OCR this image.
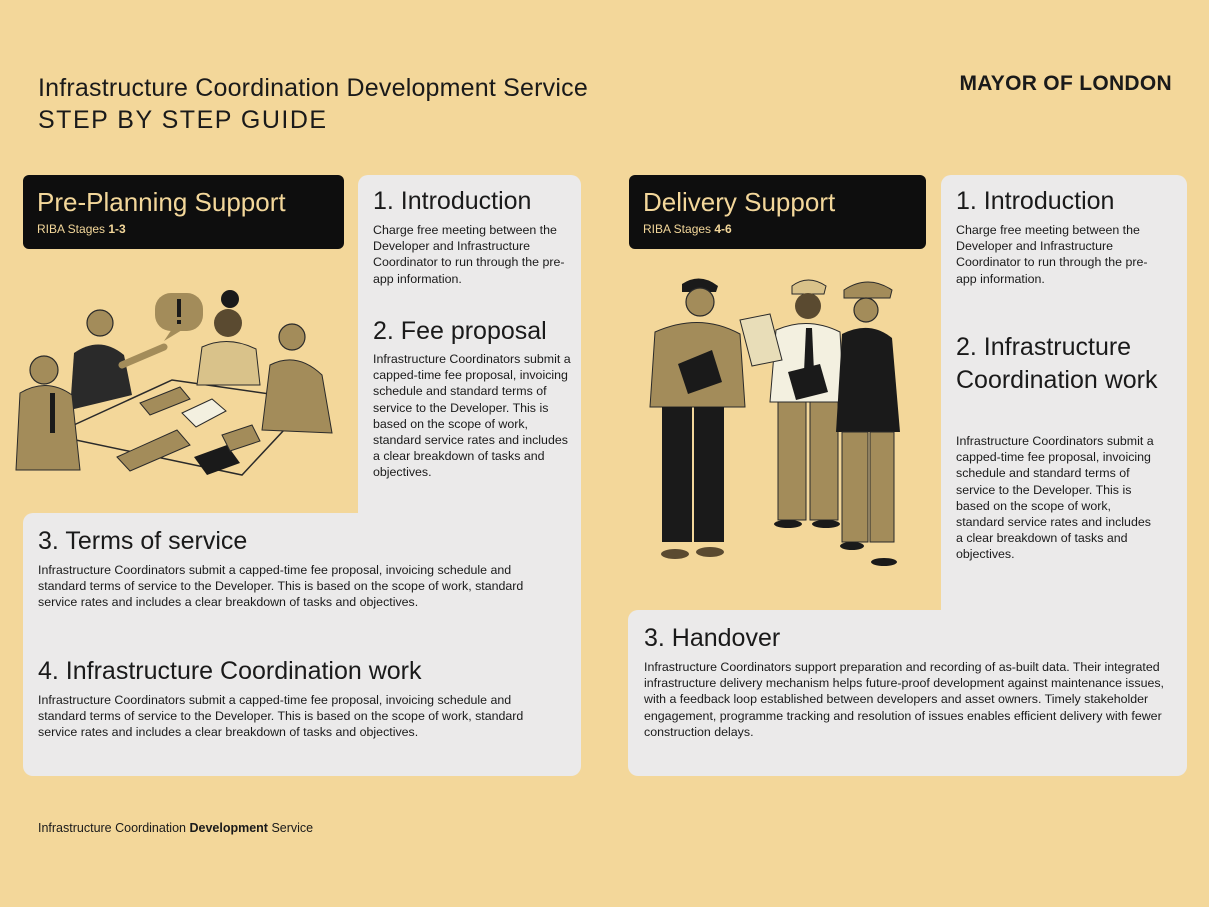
Infrastructure Coordination Development Service
STEP BY STEP GUIDE
MAYOR OF LONDON
Pre-Planning Support
RIBA Stages 1-3
1. Introduction
Charge free meeting between the Developer and Infrastructure Coordinator to run through the pre-app information.
2. Fee proposal
Infrastructure Coordinators submit a capped-time fee proposal, invoicing schedule and standard terms of service to the Developer. This is based on the scope of work, standard service rates and includes a clear breakdown of tasks and objectives.
3. Terms of service
Infrastructure Coordinators submit a capped-time fee proposal, invoicing schedule and standard terms of service to the Developer. This is based on the scope of work, standard service rates and includes a clear breakdown of tasks and objectives.
4. Infrastructure Coordination work
Infrastructure Coordinators submit a capped-time fee proposal, invoicing schedule and standard terms of service to the Developer. This is based on the scope of work, standard service rates and includes a clear breakdown of tasks and objectives.
Delivery Support
RIBA Stages 4-6
1. Introduction
Charge free meeting between the Developer and Infrastructure Coordinator to run through the pre-app information.
2. Infrastructure Coordination work
Infrastructure Coordinators submit a capped-time fee proposal, invoicing schedule and standard terms of service to the Developer. This is based on the scope of work, standard service rates and includes a clear breakdown of tasks and objectives.
3. Handover
Infrastructure Coordinators support preparation and recording of as-built data. Their integrated infrastructure delivery mechanism helps future-proof development against maintenance issues, with a feedback loop established between developers and asset owners. Timely stakeholder engagement, programme tracking and resolution of issues enables efficient delivery with fewer construction delays.
Infrastructure Coordination Development Service
